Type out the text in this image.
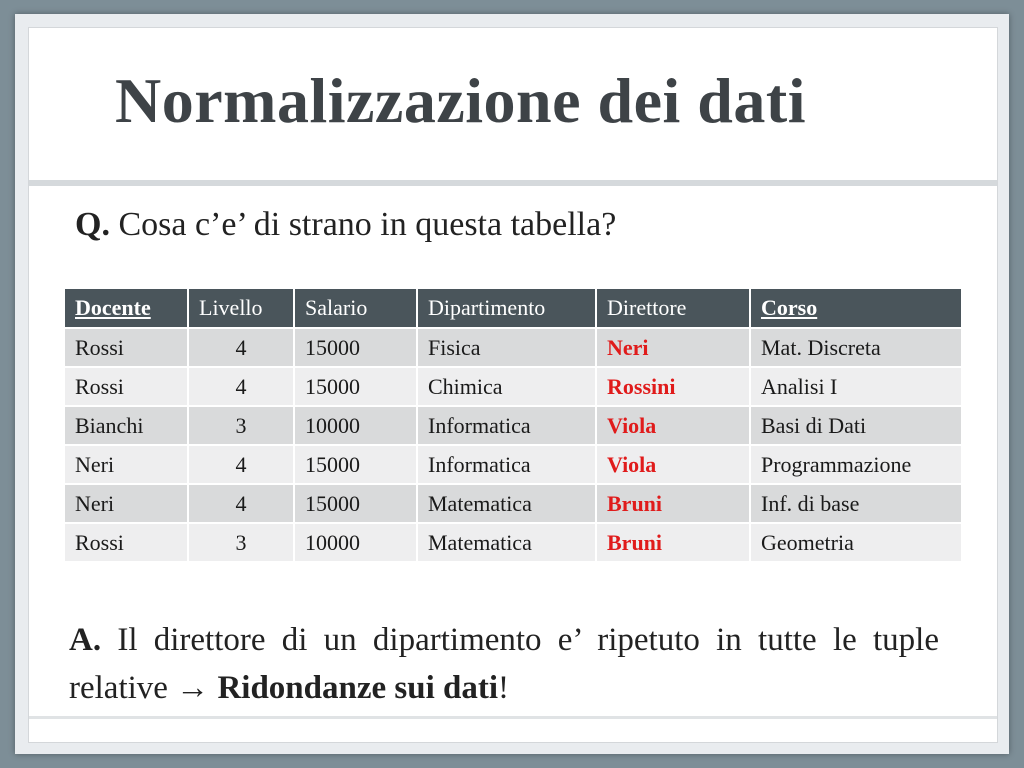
Normalizzazione dei dati
Q. Cosa c’e’ di strano in questa tabella?
Docente	Livello	Salario	Dipartimento	Direttore	Corso
Rossi	4	15000	Fisica	Neri	Mat. Discreta
Rossi	4	15000	Chimica	Rossini	Analisi I
Bianchi	3	10000	Informatica	Viola	Basi di Dati
Neri	4	15000	Informatica	Viola	Programmazione
Neri	4	15000	Matematica	Bruni	Inf. di base
Rossi	3	10000	Matematica	Bruni	Geometria
A. Il direttore di un dipartimento e’ ripetuto in tutte le tuple relative → Ridondanze sui dati!
